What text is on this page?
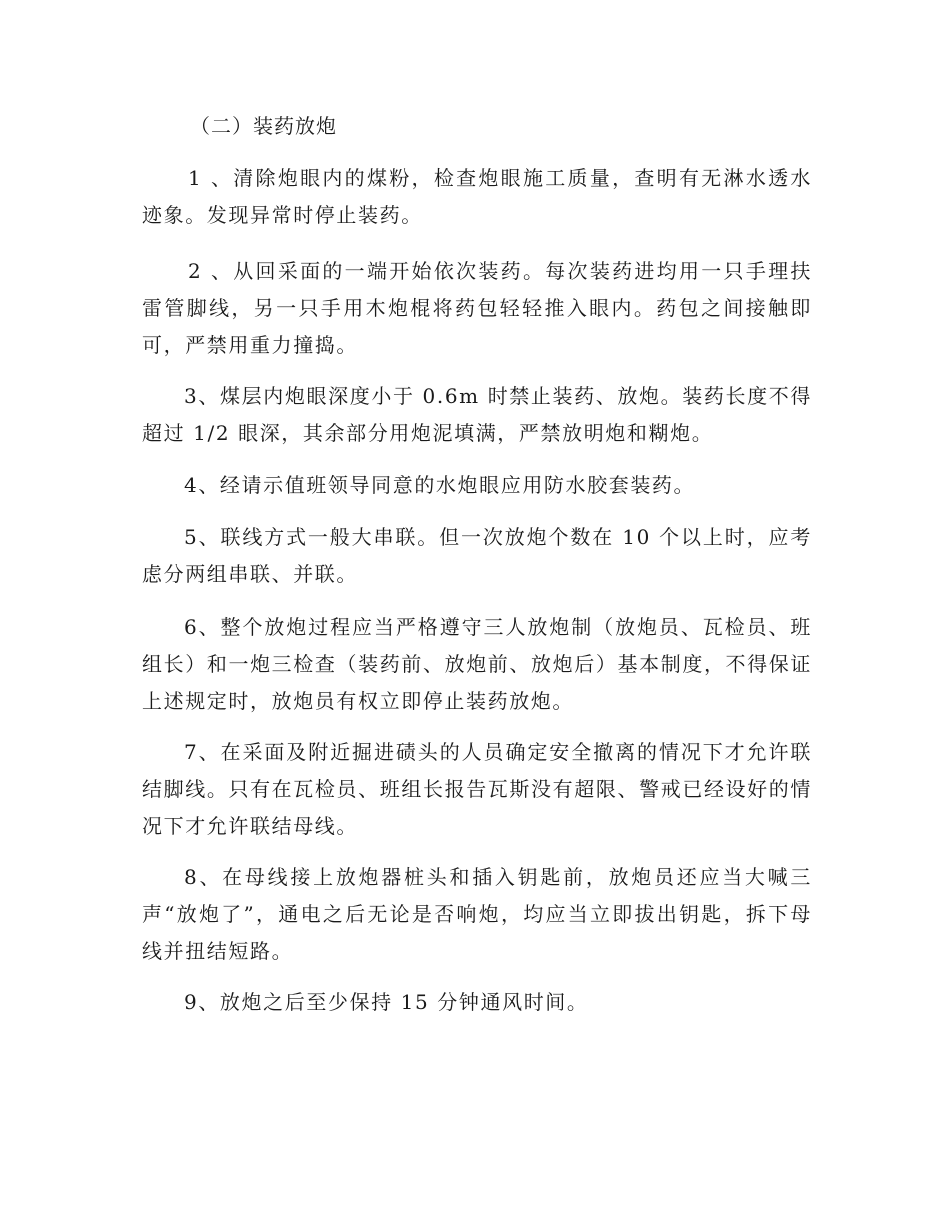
（二）装药放炮

1 、清除炮眼内的煤粉，检查炮眼施工质量，查明有无淋水透水迹象。发现异常时停止装药。

2 、从回采面的一端开始依次装药。每次装药进均用一只手理扶雷管脚线，另一只手用木炮棍将药包轻轻推入眼内。药包之间接触即可，严禁用重力撞捣。

3、煤层内炮眼深度小于 0.6m 时禁止装药、放炮。装药长度不得超过 1/2 眼深，其余部分用炮泥填满，严禁放明炮和糊炮。

4、经请示值班领导同意的水炮眼应用防水胶套装药。

5、联线方式一般大串联。但一次放炮个数在 10 个以上时，应考虑分两组串联、并联。

6、整个放炮过程应当严格遵守三人放炮制（放炮员、瓦检员、班组长）和一炮三检查（装药前、放炮前、放炮后）基本制度，不得保证上述规定时，放炮员有权立即停止装药放炮。

7、在采面及附近掘进碛头的人员确定安全撤离的情况下才允许联结脚线。只有在瓦检员、班组长报告瓦斯没有超限、警戒已经设好的情况下才允许联结母线。

8、在母线接上放炮器桩头和插入钥匙前，放炮员还应当大喊三声“放炮了”，通电之后无论是否响炮，均应当立即拔出钥匙，拆下母线并扭结短路。

9、放炮之后至少保持 15 分钟通风时间。
